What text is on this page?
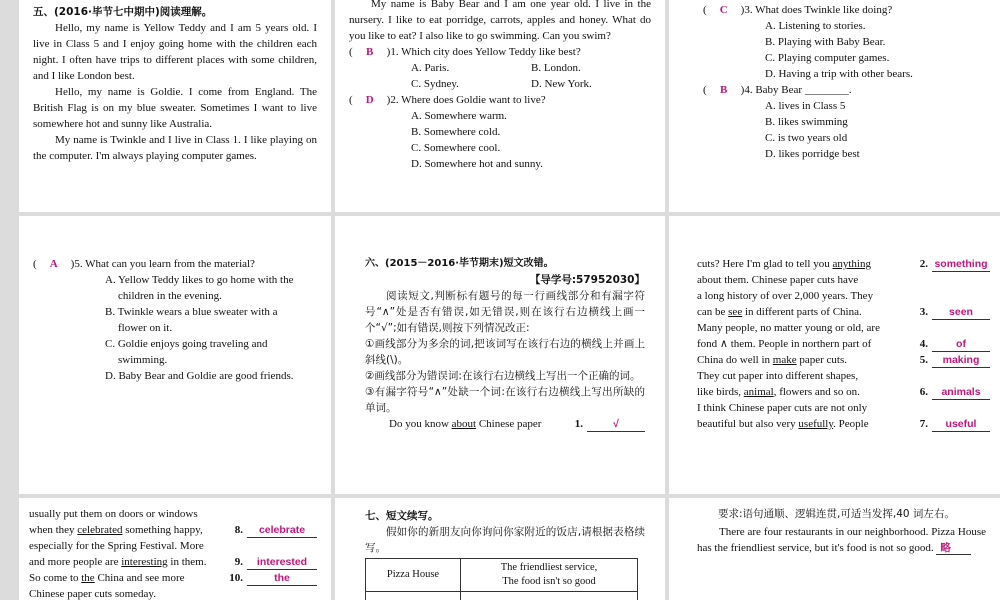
五、(2016·毕节七中期中)阅读理解。

Hello, my name is Yellow Teddy and I am 5 years old. I live in Class 5 and I enjoy going home with the children each night. I often have trips to different places with some children, and I like London best.

Hello, my name is Goldie. I come from England. The British Flag is on my blue sweater. Sometimes I want to live somewhere hot and sunny like Australia.

My name is Twinkle and I live in Class 1. I like playing on the computer. I'm always playing computer games.

My name is Baby Bear and I am one year old. I live in the nursery. I like to eat porridge, carrots, apples and honey. What do you like to eat? I also like to go swimming. Can you swim?

( B )1. Which city does Yellow Teddy like best?

A. Paris.	B. London.
C. Sydney.	D. New York.

( D )2. Where does Goldie want to live?

A. Somewhere warm.

B. Somewhere cold.

C. Somewhere cool.

D. Somewhere hot and sunny.

( C )3. What does Twinkle like doing?

A. Listening to stories.

B. Playing with Baby Bear.

C. Playing computer games.

D. Having a trip with other bears.

( B )4. Baby Bear ________.

A. lives in Class 5

B. likes swimming

C. is two years old

D. likes porridge best

( A )5. What can you learn from the material?

A. Yellow Teddy likes to go home with the children in the evening.

B. Twinkle wears a blue sweater with a flower on it.

C. Goldie enjoys going traveling and swimming.

D. Baby Bear and Goldie are good friends.

六、(2015－2016·毕节期末)短文改错。

【导学号:57952030】

阅读短文,判断标有题号的每一行画线部分和有漏字符号“∧”处是否有错误,如无错误,则在该行右边横线上画一个“√”;如有错误,则按下列情况改正:

①画线部分为多余的词,把该词写在该行右边的横线上并画上斜线(\)。

②画线部分为错误词:在该行右边横线上写出一个正确的词。

③有漏字符号“∧”处缺一个词:在该行右边横线上写出所缺的单词。

Do you know about Chinese paper	1.	√
cuts? Here I'm glad to tell you anything	2. something

about them. Chinese paper cuts have

a long history of over 2,000 years. They

can be see in different parts of China.	3.	seen

Many people, no matter young or old, are

fond ∧ them. People in northern part of	4.	of
China do well in make paper cuts.	5.	making

They cut paper into different shapes,

like birds, animal, flowers and so on.	6.	animals

I think Chinese paper cuts are not only

beautiful but also very usefully. People	7.	useful

usually put them on doors or windows

when they celebrated something happy,	8.	celebrate

especially for the Spring Festival. More

and more people are interesting in them.	9.	interested
So come to the China and see more	10.	the

Chinese paper cuts someday.

七、短文续写。

假如你的新朋友向你询问你家附近的饭店,请根据表格续写。

Pizza House	The friendliest service,
The food isn't so good

要求:语句通顺、逻辑连贯,可适当发挥,40 词左右。

There are four restaurants in our neighborhood. Pizza House has the friendliest service, but it's food is not so good. 略
